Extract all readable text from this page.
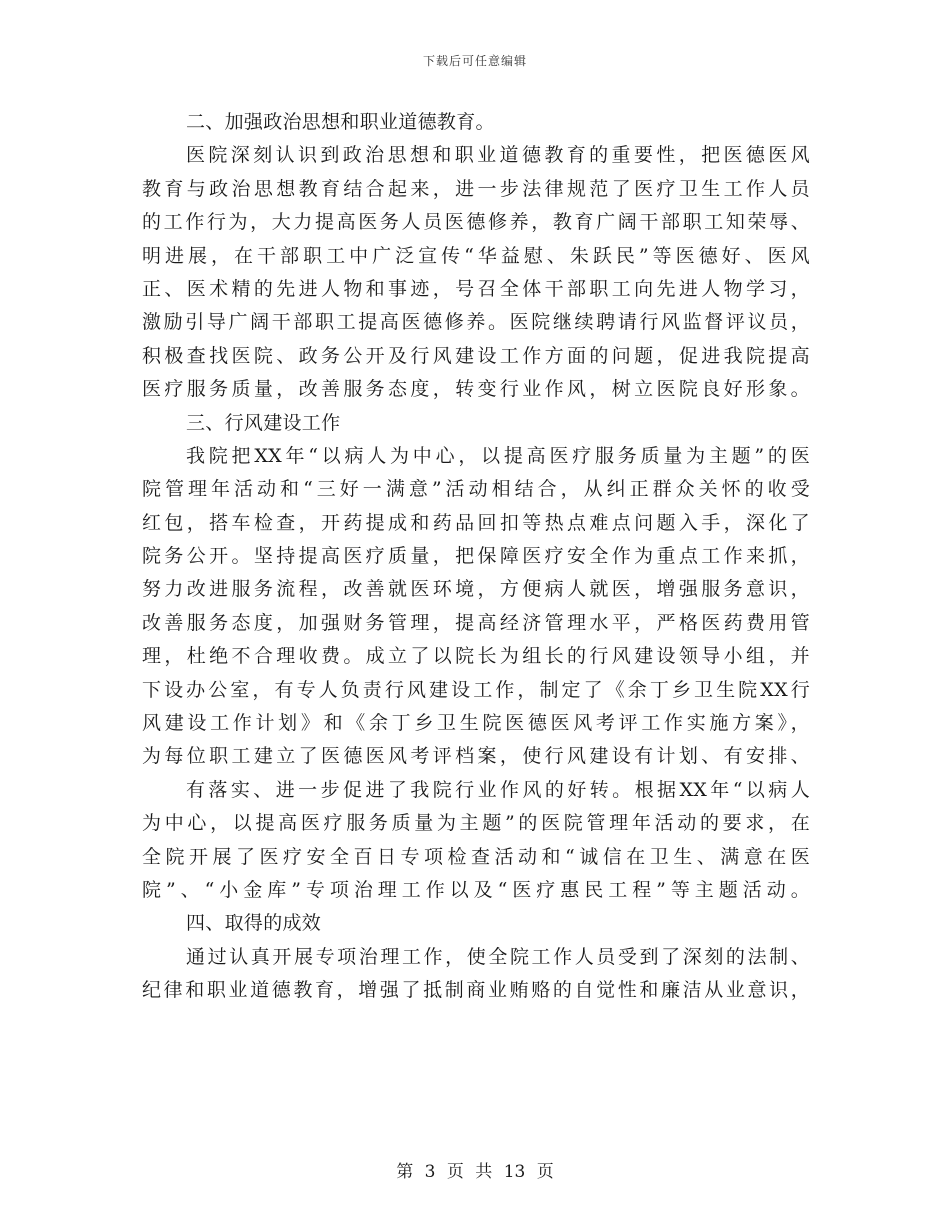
下载后可任意编辑
二、加强政治思想和职业道德教育。
医院深刻认识到政治思想和职业道德教育的重要性，把医德医风
教育与政治思想教育结合起来，进一步法律规范了医疗卫生工作人员
的工作行为，大力提高医务人员医德修养，教育广阔干部职工知荣辱、
明进展，在干部职工中广泛宣传“华益慰、朱跃民”等医德好、医风
正、医术精的先进人物和事迹，号召全体干部职工向先进人物学习，
激励引导广阔干部职工提高医德修养。医院继续聘请行风监督评议员，
积极查找医院、政务公开及行风建设工作方面的问题，促进我院提高
医疗服务质量，改善服务态度，转变行业作风，树立医院良好形象。
三、行风建设工作
我院把XX年“以病人为中心，以提高医疗服务质量为主题”的医
院管理年活动和“三好一满意”活动相结合，从纠正群众关怀的收受
红包，搭车检查，开药提成和药品回扣等热点难点问题入手，深化了
院务公开。坚持提高医疗质量，把保障医疗安全作为重点工作来抓，
努力改进服务流程，改善就医环境，方便病人就医，增强服务意识，
改善服务态度，加强财务管理，提高经济管理水平，严格医药费用管
理，杜绝不合理收费。成立了以院长为组长的行风建设领导小组，并
下设办公室，有专人负责行风建设工作，制定了《余丁乡卫生院XX行
风建设工作计划》和《余丁乡卫生院医德医风考评工作实施方案》，
为每位职工建立了医德医风考评档案，使行风建设有计划、有安排、
有落实、进一步促进了我院行业作风的好转。根据XX年“以病人
为中心，以提高医疗服务质量为主题”的医院管理年活动的要求，在
全院开展了医疗安全百日专项检查活动和“诚信在卫生、满意在医
院”、“小金库”专项治理工作以及“医疗惠民工程”等主题活动。
四、取得的成效
通过认真开展专项治理工作，使全院工作人员受到了深刻的法制、
纪律和职业道德教育，增强了抵制商业贿赂的自觉性和廉洁从业意识，
第 3 页 共 13 页
